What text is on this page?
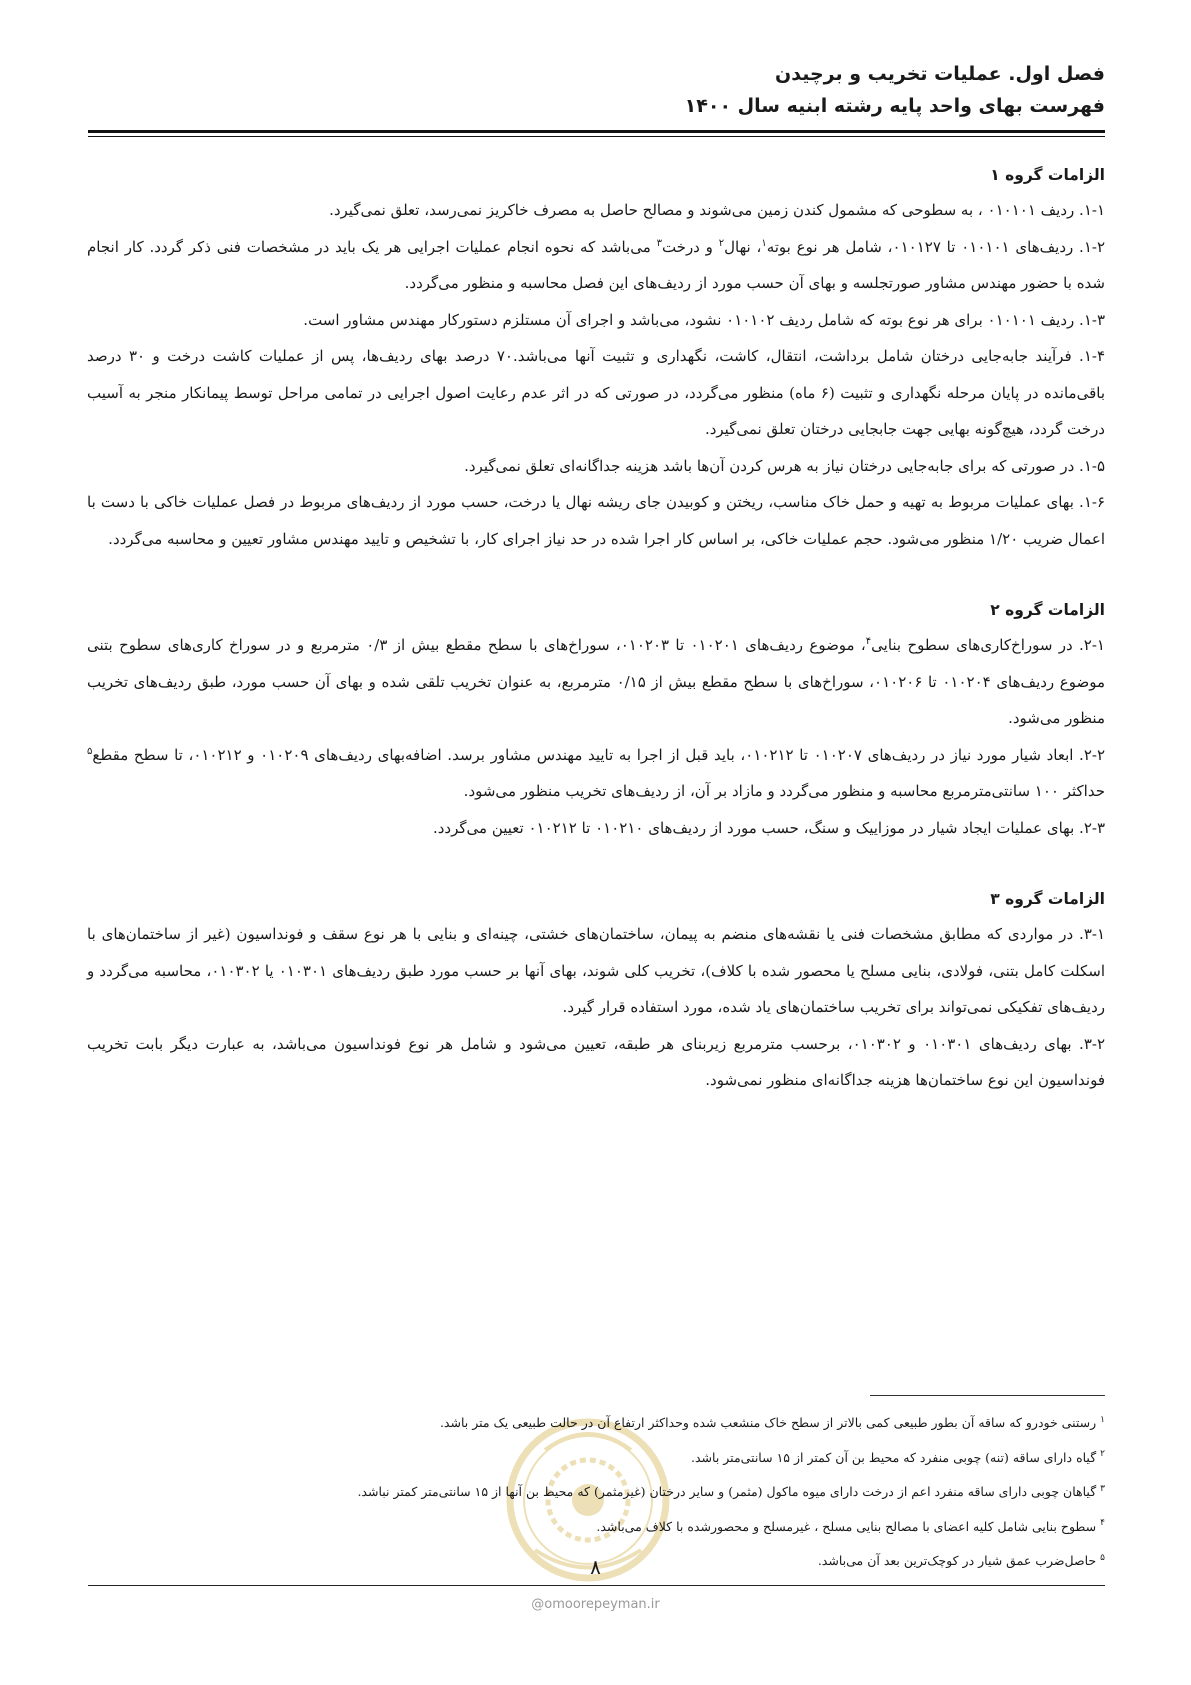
فصل اول. عملیات تخریب و برچیدن
فهرست بهای واحد پایه رشته ابنیه سال ۱۴۰۰
الزامات گروه ۱

۱-۱. ردیف ۰۱۰۱۰۱ ، به سطوحی که مشمول کندن زمین می‌شوند و مصالح حاصل به مصرف خاکریز نمی‌رسد، تعلق نمی‌گیرد.

۱-۲. ردیف‌های ۰۱۰۱۰۱ تا ۰۱۰۱۲۷، شامل هر نوع بوته$^۱$، نهال$^۲$ و درخت$^۳$ می‌باشد که نحوه انجام عملیات اجرایی هر یک باید در مشخصات فنی ذکر گردد. کار انجام شده با حضور مهندس مشاور صورتجلسه و بهای آن حسب مورد از ردیف‌های این فصل محاسبه و منظور می‌گردد.

۱-۳. ردیف ۰۱۰۱۰۱ برای هر نوع بوته که شامل ردیف ۰۱۰۱۰۲ نشود، می‌باشد و اجرای آن مستلزم دستورکار مهندس مشاور است.

۱-۴. فرآیند جابه‌جایی درختان شامل برداشت، انتقال، کاشت، نگهداری و تثبیت آنها می‌باشد.۷۰ درصد بهای ردیف‌ها، پس از عملیات کاشت درخت و ۳۰ درصد باقی‌مانده در پایان مرحله نگهداری و تثبیت (۶ ماه) منظور می‌گردد، در صورتی که در اثر عدم رعایت اصول اجرایی در تمامی مراحل توسط پیمانکار منجر به آسیب درخت گردد، هیچ‌گونه بهایی جهت جابجایی درختان تعلق نمی‌گیرد.

۱-۵. در صورتی که برای جابه‌جایی درختان نیاز به هرس کردن آن‌ها باشد هزینه جداگانه‌ای تعلق نمی‌گیرد.

۱-۶. بهای عملیات مربوط به تهیه و حمل خاک مناسب، ریختن و کوبیدن جای ریشه نهال یا درخت، حسب مورد از ردیف‌های مربوط در فصل عملیات خاکی با دست با اعمال ضریب ۱/۲۰ منظور می‌شود. حجم عملیات خاکی، بر اساس کار اجرا شده در حد نیاز اجرای کار، با تشخیص و تایید مهندس مشاور تعیین و محاسبه می‌گردد.

الزامات گروه ۲

۲-۱. در سوراخ‌کاری‌های سطوح بنایی$^۴$، موضوع ردیف‌های ۰۱۰۲۰۱ تا ۰۱۰۲۰۳، سوراخ‌های با سطح مقطع بیش از ۰/۳ مترمربع و در سوراخ کاری‌های سطوح بتنی موضوع ردیف‌های ۰۱۰۲۰۴ تا ۰۱۰۲۰۶، سوراخ‌های با سطح مقطع بیش از ۰/۱۵ مترمربع، به عنوان تخریب تلقی شده و بهای آن حسب مورد، طبق ردیف‌های تخریب منظور می‌شود.

۲-۲. ابعاد شیار مورد نیاز در ردیف‌های ۰۱۰۲۰۷ تا ۰۱۰۲۱۲، باید قبل از اجرا به تایید مهندس مشاور برسد. اضافه‌بهای ردیف‌های ۰۱۰۲۰۹ و ۰۱۰۲۱۲، تا سطح مقطع$^۵$ حداکثر ۱۰۰ سانتی‌مترمربع محاسبه و منظور می‌گردد و مازاد بر آن، از ردیف‌های تخریب منظور می‌شود.

۲-۳. بهای عملیات ایجاد شیار در موزاییک و سنگ، حسب مورد از ردیف‌های ۰۱۰۲۱۰ تا ۰۱۰۲۱۲ تعیین می‌گردد.

الزامات گروه ۳

۳-۱. در مواردی که مطابق مشخصات فنی یا نقشه‌های منضم به پیمان، ساختمان‌های خشتی، چینه‌ای و بنایی با هر نوع سقف و فونداسیون (غیر از ساختمان‌های با اسکلت کامل بتنی، فولادی، بنایی مسلح یا محصور شده با کلاف)، تخریب کلی شوند، بهای آنها بر حسب مورد طبق ردیف‌های ۰۱۰۳۰۱ یا ۰۱۰۳۰۲، محاسبه می‌گردد و ردیف‌های تفکیکی نمی‌تواند برای تخریب ساختمان‌های یاد شده، مورد استفاده قرار گیرد.

۳-۲. بهای ردیف‌های ۰۱۰۳۰۱ و ۰۱۰۳۰۲، برحسب مترمربع زیربنای هر طبقه، تعیین می‌شود و شامل هر نوع فونداسیون می‌باشد، به عبارت دیگر بابت تخریب فونداسیون این نوع ساختمان‌ها هزینه جداگانه‌ای منظور نمی‌شود.

$^۱$رستنی خودرو که ساقه آن بطور طبیعی کمی بالاتر از سطح خاک منشعب شده وحداکثر ارتفاع آن در حالت طبیعی یک متر باشد.

$^۲$گیاه دارای ساقه (تنه) چوبی منفرد که محیط بن آن کمتر از ۱۵ سانتی‌متر باشد.

$^۳$گیاهان چوبی دارای ساقه منفرد اعم از درخت دارای میوه ماکول (مثمر) و سایر درختان (غیرمثمر) که محیط بن آنها از ۱۵ سانتی‌متر کمتر نباشد.

$^۴$سطوح بنایی شامل کلیه اعضای با مصالح بنایی مسلح ، غیرمسلح و محصورشده با کلاف می‌باشد.

$^۵$حاصل‌ضرب عمق شیار در کوچک‌ترین بعد آن می‌باشد.

۸
@omoorepeyman.ir
